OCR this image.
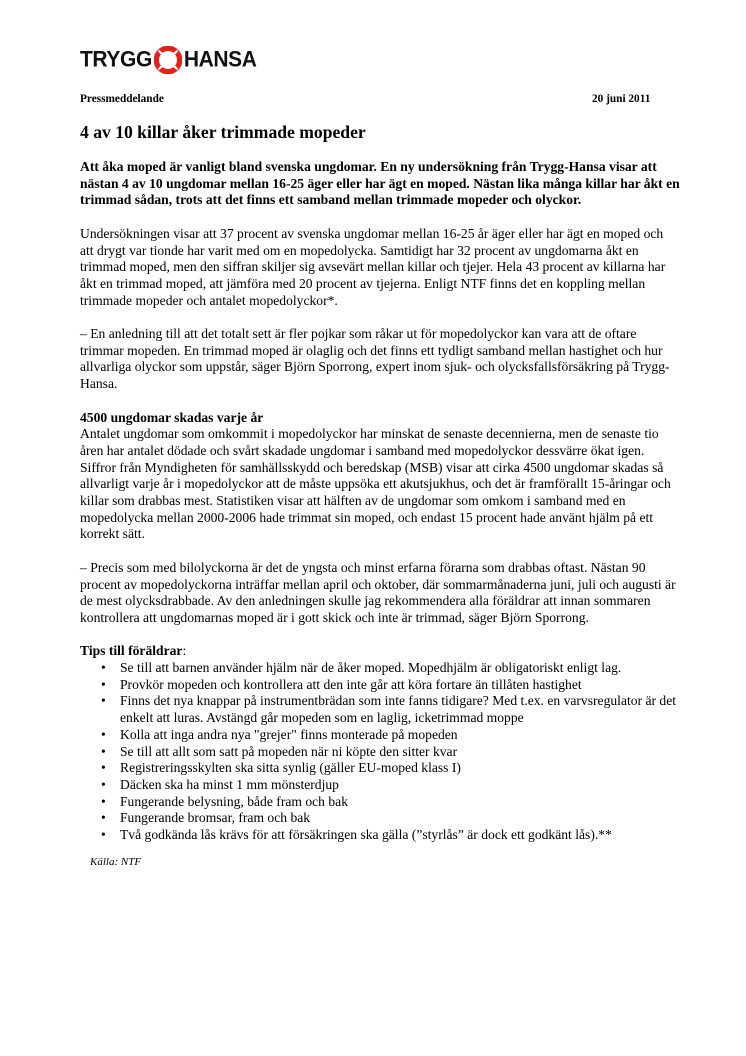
TRYGG HANSA
Pressmeddelande	20 juni 2011
4 av 10 killar åker trimmade mopeder

Att åka moped är vanligt bland svenska ungdomar. En ny undersökning från Trygg-Hansa visar att nästan 4 av 10 ungdomar mellan 16-25 äger eller har ägt en moped. Nästan lika många killar har åkt en trimmad sådan, trots att det finns ett samband mellan trimmade mopeder och olyckor.

Undersökningen visar att 37 procent av svenska ungdomar mellan 16-25 år äger eller har ägt en moped och att drygt var tionde har varit med om en mopedolycka. Samtidigt har 32 procent av ungdomarna åkt en trimmad moped, men den siffran skiljer sig avsevärt mellan killar och tjejer. Hela 43 procent av killarna har åkt en trimmad moped, att jämföra med 20 procent av tjejerna. Enligt NTF finns det en koppling mellan trimmade mopeder och antalet mopedolyckor*.

– En anledning till att det totalt sett är fler pojkar som råkar ut för mopedolyckor kan vara att de oftare trimmar mopeden. En trimmad moped är olaglig och det finns ett tydligt samband mellan hastighet och hur allvarliga olyckor som uppstår, säger Björn Sporrong, expert inom sjuk- och olycksfallsförsäkring på Trygg-Hansa.

4500 ungdomar skadas varje år

Antalet ungdomar som omkommit i mopedolyckor har minskat de senaste decennierna, men de senaste tio åren har antalet dödade och svårt skadade ungdomar i samband med mopedolyckor dessvärre ökat igen. Siffror från Myndigheten för samhällsskydd och beredskap (MSB) visar att cirka 4500 ungdomar skadas så allvarligt varje år i mopedolyckor att de måste uppsöka ett akutsjukhus, och det är framförallt 15-åringar och killar som drabbas mest. Statistiken visar att hälften av de ungdomar som omkom i samband med en mopedolycka mellan 2000-2006 hade trimmat sin moped, och endast 15 procent hade använt hjälm på ett korrekt sätt.

– Precis som med bilolyckorna är det de yngsta och minst erfarna förarna som drabbas oftast. Nästan 90 procent av mopedolyckorna inträffar mellan april och oktober, där sommarmånaderna juni, juli och augusti är de mest olycksdrabbade. Av den anledningen skulle jag rekommendera alla föräldrar att innan sommaren kontrollera att ungdomarnas moped är i gott skick och inte är trimmad, säger Björn Sporrong.

Tips till föräldrar:

• Se till att barnen använder hjälm när de åker moped. Mopedhjälm är obligatoriskt enligt lag.
• Provkör mopeden och kontrollera att den inte går att köra fortare än tillåten hastighet
• Finns det nya knappar på instrumentbrädan som inte fanns tidigare? Med t.ex. en varvsregulator är det enkelt att luras. Avstängd går mopeden som en laglig, icketrimmad moppe
• Kolla att inga andra nya "grejer" finns monterade på mopeden
• Se till att allt som satt på mopeden när ni köpte den sitter kvar
• Registreringsskylten ska sitta synlig (gäller EU-moped klass I)
• Däcken ska ha minst 1 mm mönsterdjup
• Fungerande belysning, både fram och bak
• Fungerande bromsar, fram och bak
• Två godkända lås krävs för att försäkringen ska gälla (”styrlås” är dock ett godkänt lås).**
Källa: NTF
